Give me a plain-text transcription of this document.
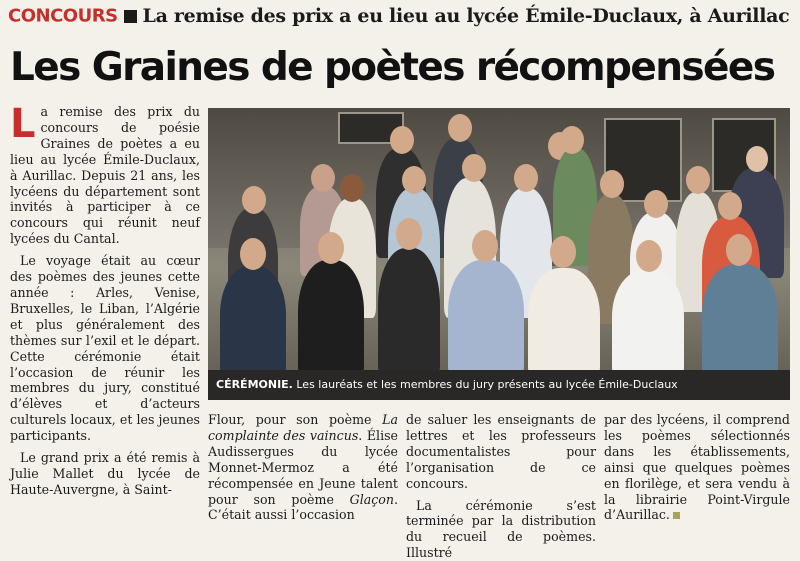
CONCOURS La remise des prix a eu lieu au lycée Émile-Duclaux, à Aurillac
Les Graines de poètes récompensées

La remise des prix du concours de poésie Graines de poètes a eu lieu au lycée Émile-Duclaux, à Aurillac. Depuis 21 ans, les lycéens du département sont invités à participer à ce concours qui réunit neuf lycées du Cantal.

Le voyage était au cœur des poèmes des jeunes cette année : Arles, Venise, Bruxelles, le Liban, l’Algérie et plus généralement des thèmes sur l’exil et le départ. Cette cérémonie était l’occasion de réunir les membres du jury, constitué d’élèves et d’acteurs culturels locaux, et les jeunes participants.

Le grand prix a été remis à Julie Mallet du lycée de Haute-Auvergne, à Saint-

CÉRÉMONIE. Les lauréats et les membres du jury présents au lycée Émile-Duclaux

Flour, pour son poème La complainte des vaincus. Élise Audissergues du lycée Monnet-Mermoz a été récompensée en Jeune talent pour son poème Glaçon. C’était aussi l’occasion

de saluer les enseignants de lettres et les professeurs documentalistes pour l’organisation de ce concours.

La cérémonie s’est terminée par la distribution du recueil de poèmes. Illustré

par des lycéens, il comprend les poèmes sélectionnés dans les établissements, ainsi que quelques poèmes en florilège, et sera vendu à la librairie Point-Virgule d’Aurillac.
